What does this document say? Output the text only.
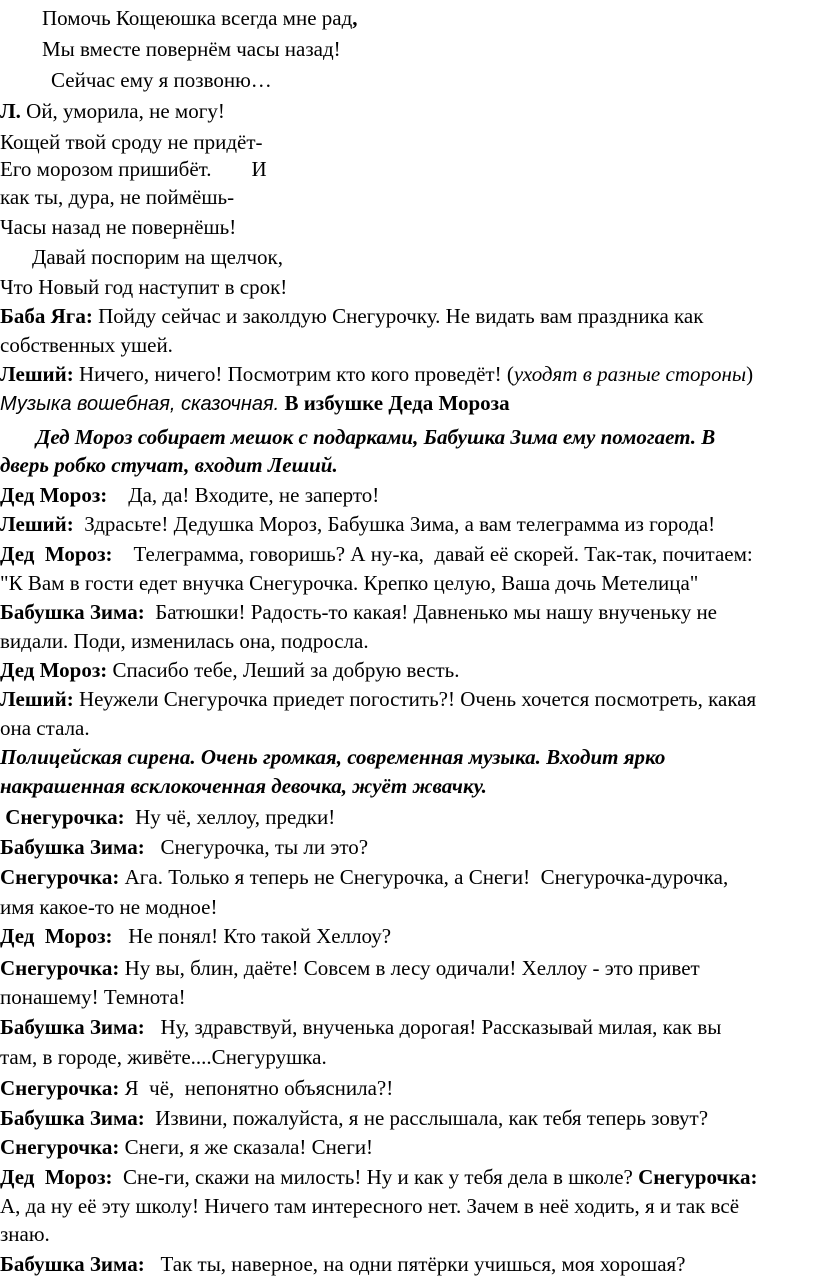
Помочь Кощеюшка всегда мне рад,
Мы вместе повернём часы назад!
Сейчас ему я позвоню…
Л. Ой, уморила, не могу!
Кощей твой сроду не придёт-
Его морозом пришибёт. И
как ты, дура, не поймёшь-
Часы назад не повернёшь!
Давай поспорим на щелчок,
Что Новый год наступит в срок!
Баба Яга: Пойду сейчас и заколдую Снегурочку. Не видать вам праздника как
собственных ушей.
Леший: Ничего, ничего! Посмотрим кто кого проведёт! (уходят в разные стороны)
Музыка вошебная, сказочная. В избушке Деда Мороза
Дед Мороз собирает мешок с подарками, Бабушка Зима ему помогает. В
дверь робко стучат, входит Леший.
Дед Мороз:    Да, да! Входите, не заперто!
Леший:  Здрасьте! Дедушка Мороз, Бабушка Зима, а вам телеграмма из города!
Дед  Мороз:    Телеграмма, говоришь? А ну-ка,  давай её скорей. Так-так, почитаем:
"К Вам в гости едет внучка Снегурочка. Крепко целую, Ваша дочь Метелица"
Бабушка Зима:  Батюшки! Радость-то какая! Давненько мы нашу внученьку не
видали. Поди, изменилась она, подросла.
Дед Мороз: Спасибо тебе, Леший за добрую весть.
Леший: Неужели Снегурочка приедет погостить?! Очень хочется посмотреть, какая
она стала.
Полицейская сирена. Очень громкая, современная музыка. Входит ярко
накрашенная всклокоченная девочка, жуёт жвачку.
Снегурочка:  Ну чё, хеллоу, предки!
Бабушка Зима:   Снегурочка, ты ли это?
Снегурочка: Ага. Только я теперь не Снегурочка, а Снеги!  Снегурочка-дурочка,
имя какое-то не модное!
Дед  Мороз:   Не понял! Кто такой Хеллоу?
Снегурочка: Ну вы, блин, даёте! Совсем в лесу одичали! Хеллоу - это привет
понашему! Темнота!
Бабушка Зима:   Ну, здравствуй, внученька дорогая! Рассказывай милая, как вы
там, в городе, живёте....Снегурушка.
Снегурочка: Я  чё,  непонятно объяснила?!
Бабушка Зима:  Извини, пожалуйста, я не расслышала, как тебя теперь зовут?
Снегурочка: Снеги, я же сказала! Снеги!
Дед  Мороз:  Сне-ги, скажи на милость! Ну и как у тебя дела в школе? Снегурочка:
А, да ну её эту школу! Ничего там интересного нет. Зачем в неё ходить, я и так всё
знаю.
Бабушка Зима:   Так ты, наверное, на одни пятёрки учишься, моя хорошая?
